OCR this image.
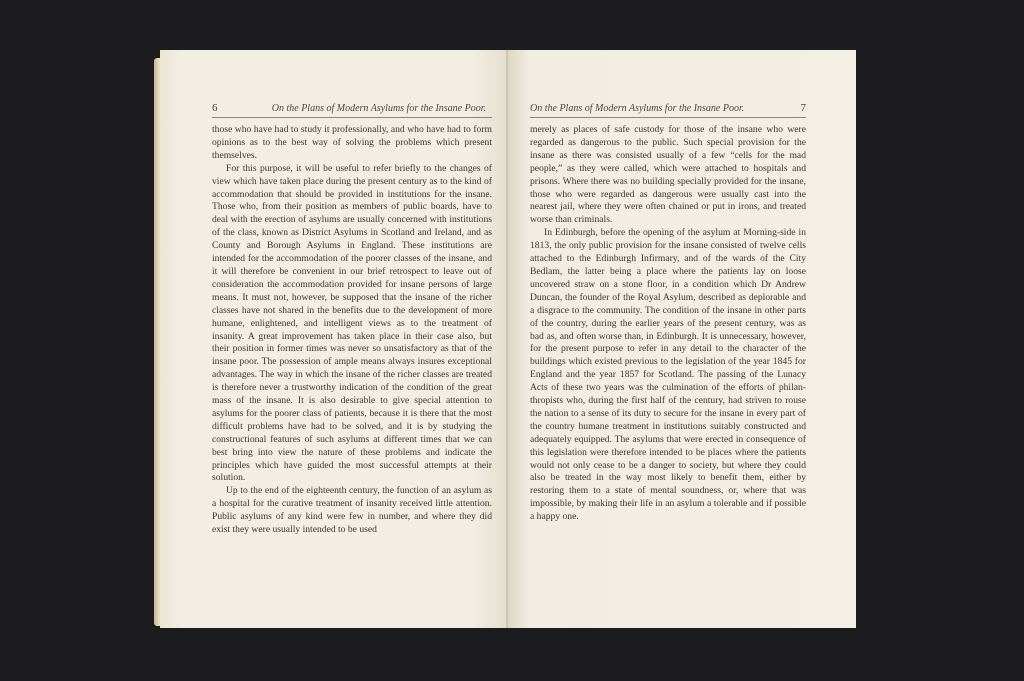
6	On the Plans of Modern Asylums for the Insane Poor.

those who have had to study it professionally, and who have had to form opinions as to the best way of solving the problems which present themselves.

For this purpose, it will be useful to refer briefly to the changes of view which have taken place during the present century as to the kind of accommodation that should be provided in institutions for the insane. Those who, from their position as members of public boards, have to deal with the erection of asylums are usually concerned with institutions of the class, known as District Asylums in Scotland and Ireland, and as County and Borough Asylums in England. These institutions are intended for the accommodation of the poorer classes of the insane, and it will therefore be convenient in our brief retrospect to leave out of consideration the accommodation provided for insane persons of large means. It must not, however, be supposed that the insane of the richer classes have not shared in the benefits due to the development of more humane, enlightened, and intelligent views as to the treatment of insanity. A great improvement has taken place in their case also, but their position in former times was never so unsatisfactory as that of the insane poor. The possession of ample means always insures exceptional advantages. The way in which the insane of the richer classes are treated is therefore never a trustworthy indication of the condition of the great mass of the insane. It is also desirable to give special attention to asylums for the poorer class of patients, because it is there that the most difficult problems have had to be solved, and it is by studying the constructional features of such asylums at different times that we can best bring into view the nature of these problems and indicate the principles which have guided the most successful attempts at their solution.

Up to the end of the eighteenth century, the function of an asylum as a hospital for the curative treatment of insanity received little attention. Public asylums of any kind were few in number, and where they did exist they were usually intended to be used

On the Plans of Modern Asylums for the Insane Poor.	7

merely as places of safe custody for those of the insane who were regarded as dangerous to the public. Such special provision for the insane as there was consisted usually of a few “cells for the mad people,” as they were called, which were attached to hospitals and prisons. Where there was no building specially provided for the insane, those who were regarded as dangerous were usually cast into the nearest jail, where they were often chained or put in irons, and treated worse than criminals.

In Edinburgh, before the opening of the asylum at Morning-side in 1813, the only public provision for the insane consisted of twelve cells attached to the Edinburgh Infirmary, and of the wards of the City Bedlam, the latter being a place where the patients lay on loose uncovered straw on a stone floor, in a condition which Dr Andrew Duncan, the founder of the Royal Asylum, described as deplorable and a disgrace to the community. The condition of the insane in other parts of the country, during the earlier years of the present century, was as bad as, and often worse than, in Edinburgh. It is unnecessary, however, for the present purpose to refer in any detail to the character of the buildings which existed previous to the legislation of the year 1845 for England and the year 1857 for Scotland. The passing of the Lunacy Acts of these two years was the culmination of the efforts of philan-thropists who, during the first half of the century, had striven to rouse the nation to a sense of its duty to secure for the insane in every part of the country humane treatment in institutions suitably constructed and adequately equipped. The asylums that were erected in consequence of this legislation were therefore intended to be places where the patients would not only cease to be a danger to society, but where they could also be treated in the way most likely to benefit them, either by restoring them to a state of mental soundness, or, where that was impossible, by making their life in an asylum a tolerable and if possible a happy one.
